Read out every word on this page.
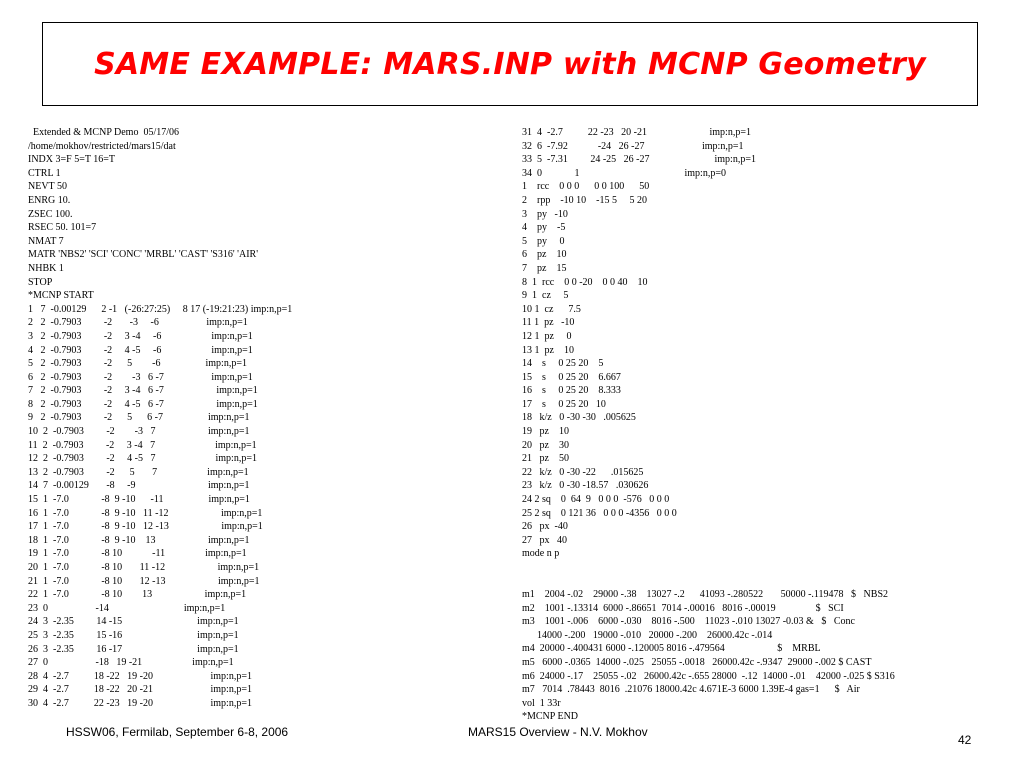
SAME EXAMPLE: MARS.INP with MCNP Geometry
Extended & MCNP Demo  05/17/06
/home/mokhov/restricted/mars15/dat
INDX 3=F 5=T 16=T
CTRL 1
NEVT 50
ENRG 10.
ZSEC 100.
RSEC 50. 101=7
NMAT 7
MATR 'NBS2' 'SCI' 'CONC' 'MRBL' 'CAST' 'S316' 'AIR'
NHBK 1
STOP
*MCNP START
1   7  -0.00129      2 -1   (-26:27:25)     8 17 (-19:21:23) imp:n,p=1
2   2  -0.7903         -2       -3     -6                   imp:n,p=1
3   2  -0.7903         -2     3 -4     -6                    imp:n,p=1
4   2  -0.7903         -2     4 -5     -6                    imp:n,p=1
5   2  -0.7903         -2      5        -6                  imp:n,p=1
6   2  -0.7903         -2        -3   6 -7                   imp:n,p=1
7   2  -0.7903         -2     3 -4   6 -7                     imp:n,p=1
8   2  -0.7903         -2     4 -5   6 -7                     imp:n,p=1
9   2  -0.7903         -2      5      6 -7                  imp:n,p=1
10  2  -0.7903         -2        -3   7                     imp:n,p=1
11  2  -0.7903         -2     3 -4   7                        imp:n,p=1
12  2  -0.7903         -2     4 -5   7                        imp:n,p=1
13  2  -0.7903         -2      5       7                    imp:n,p=1
14  7  -0.00129       -8     -9                             imp:n,p=1
15  1  -7.0             -8  9 -10      -11                  imp:n,p=1
16  1  -7.0             -8  9 -10   11 -12                     imp:n,p=1
17  1  -7.0             -8  9 -10   12 -13                     imp:n,p=1
18  1  -7.0             -8  9 -10    13                     imp:n,p=1
19  1  -7.0             -8 10            -11                imp:n,p=1
20  1  -7.0             -8 10       11 -12                     imp:n,p=1
21  1  -7.0             -8 10       12 -13                     imp:n,p=1
22  1  -7.0             -8 10        13                     imp:n,p=1
23  0                   -14                              imp:n,p=1
24  3  -2.35         14 -15                              imp:n,p=1
25  3  -2.35         15 -16                              imp:n,p=1
26  3  -2.35         16 -17                              imp:n,p=1
27  0                   -18   19 -21                    imp:n,p=1
28  4  -2.7          18 -22   19 -20                       imp:n,p=1
29  4  -2.7          18 -22   20 -21                       imp:n,p=1
30  4  -2.7          22 -23   19 -20                       imp:n,p=1
31  4  -2.7          22 -23   20 -21                         imp:n,p=1
32  6  -7.92            -24   26 -27                       imp:n,p=1
33  5  -7.31         24 -25   26 -27                          imp:n,p=1
34  0             1                                          imp:n,p=0
1    rcc    0 0 0      0 0 100      50
2    rpp    -10 10    -15 5     5 20
3    py   -10
4    py    -5
5    py     0
6    pz    10
7    pz    15
8  1  rcc    0 0 -20    0 0 40    10
9  1  cz     5
10 1  cz      7.5
11 1  pz   -10
12 1  pz     0
13 1  pz    10
14    s     0 25 20    5
15    s     0 25 20    6.667
16    s     0 25 20    8.333
17    s     0 25 20   10
18   k/z   0 -30 -30   .005625
19   pz    10
20   pz    30
21   pz    50
22   k/z   0 -30 -22      .015625
23   k/z   0 -30 -18.57   .030626
24 2 sq    0  64  9   0 0 0  -576   0 0 0
25 2 sq    0 121 36   0 0 0 -4356   0 0 0
26   px  -40
27   px   40
mode n p
m1    2004 -.02    29000 -.38    13027 -.2      41093 -.280522       50000 -.119478   $   NBS2
m2    1001 -.13314  6000 -.86651  7014 -.00016   8016 -.00019                $   SCI
m3    1001 -.006    6000 -.030    8016 -.500    11023 -.010 13027 -0.03 &   $   Conc
14000 -.200   19000 -.010   20000 -.200    26000.42c -.014
m4  20000 -.400431 6000 -.120005 8016 -.479564                     $    MRBL
m5   6000 -.0365  14000 -.025   25055 -.0018   26000.42c -.9347  29000 -.002 $ CAST
m6  24000 -.17    25055 -.02   26000.42c -.655 28000  -.12  14000 -.01    42000 -.025 $ S316
m7   7014  .78443  8016  .21076 18000.42c 4.671E-3 6000 1.39E-4 gas=1      $   Air
vol  1 33r
*MCNP END
HSSW06, Fermilab, September 6-8, 2006	MARS15 Overview - N.V. Mokhov
42
